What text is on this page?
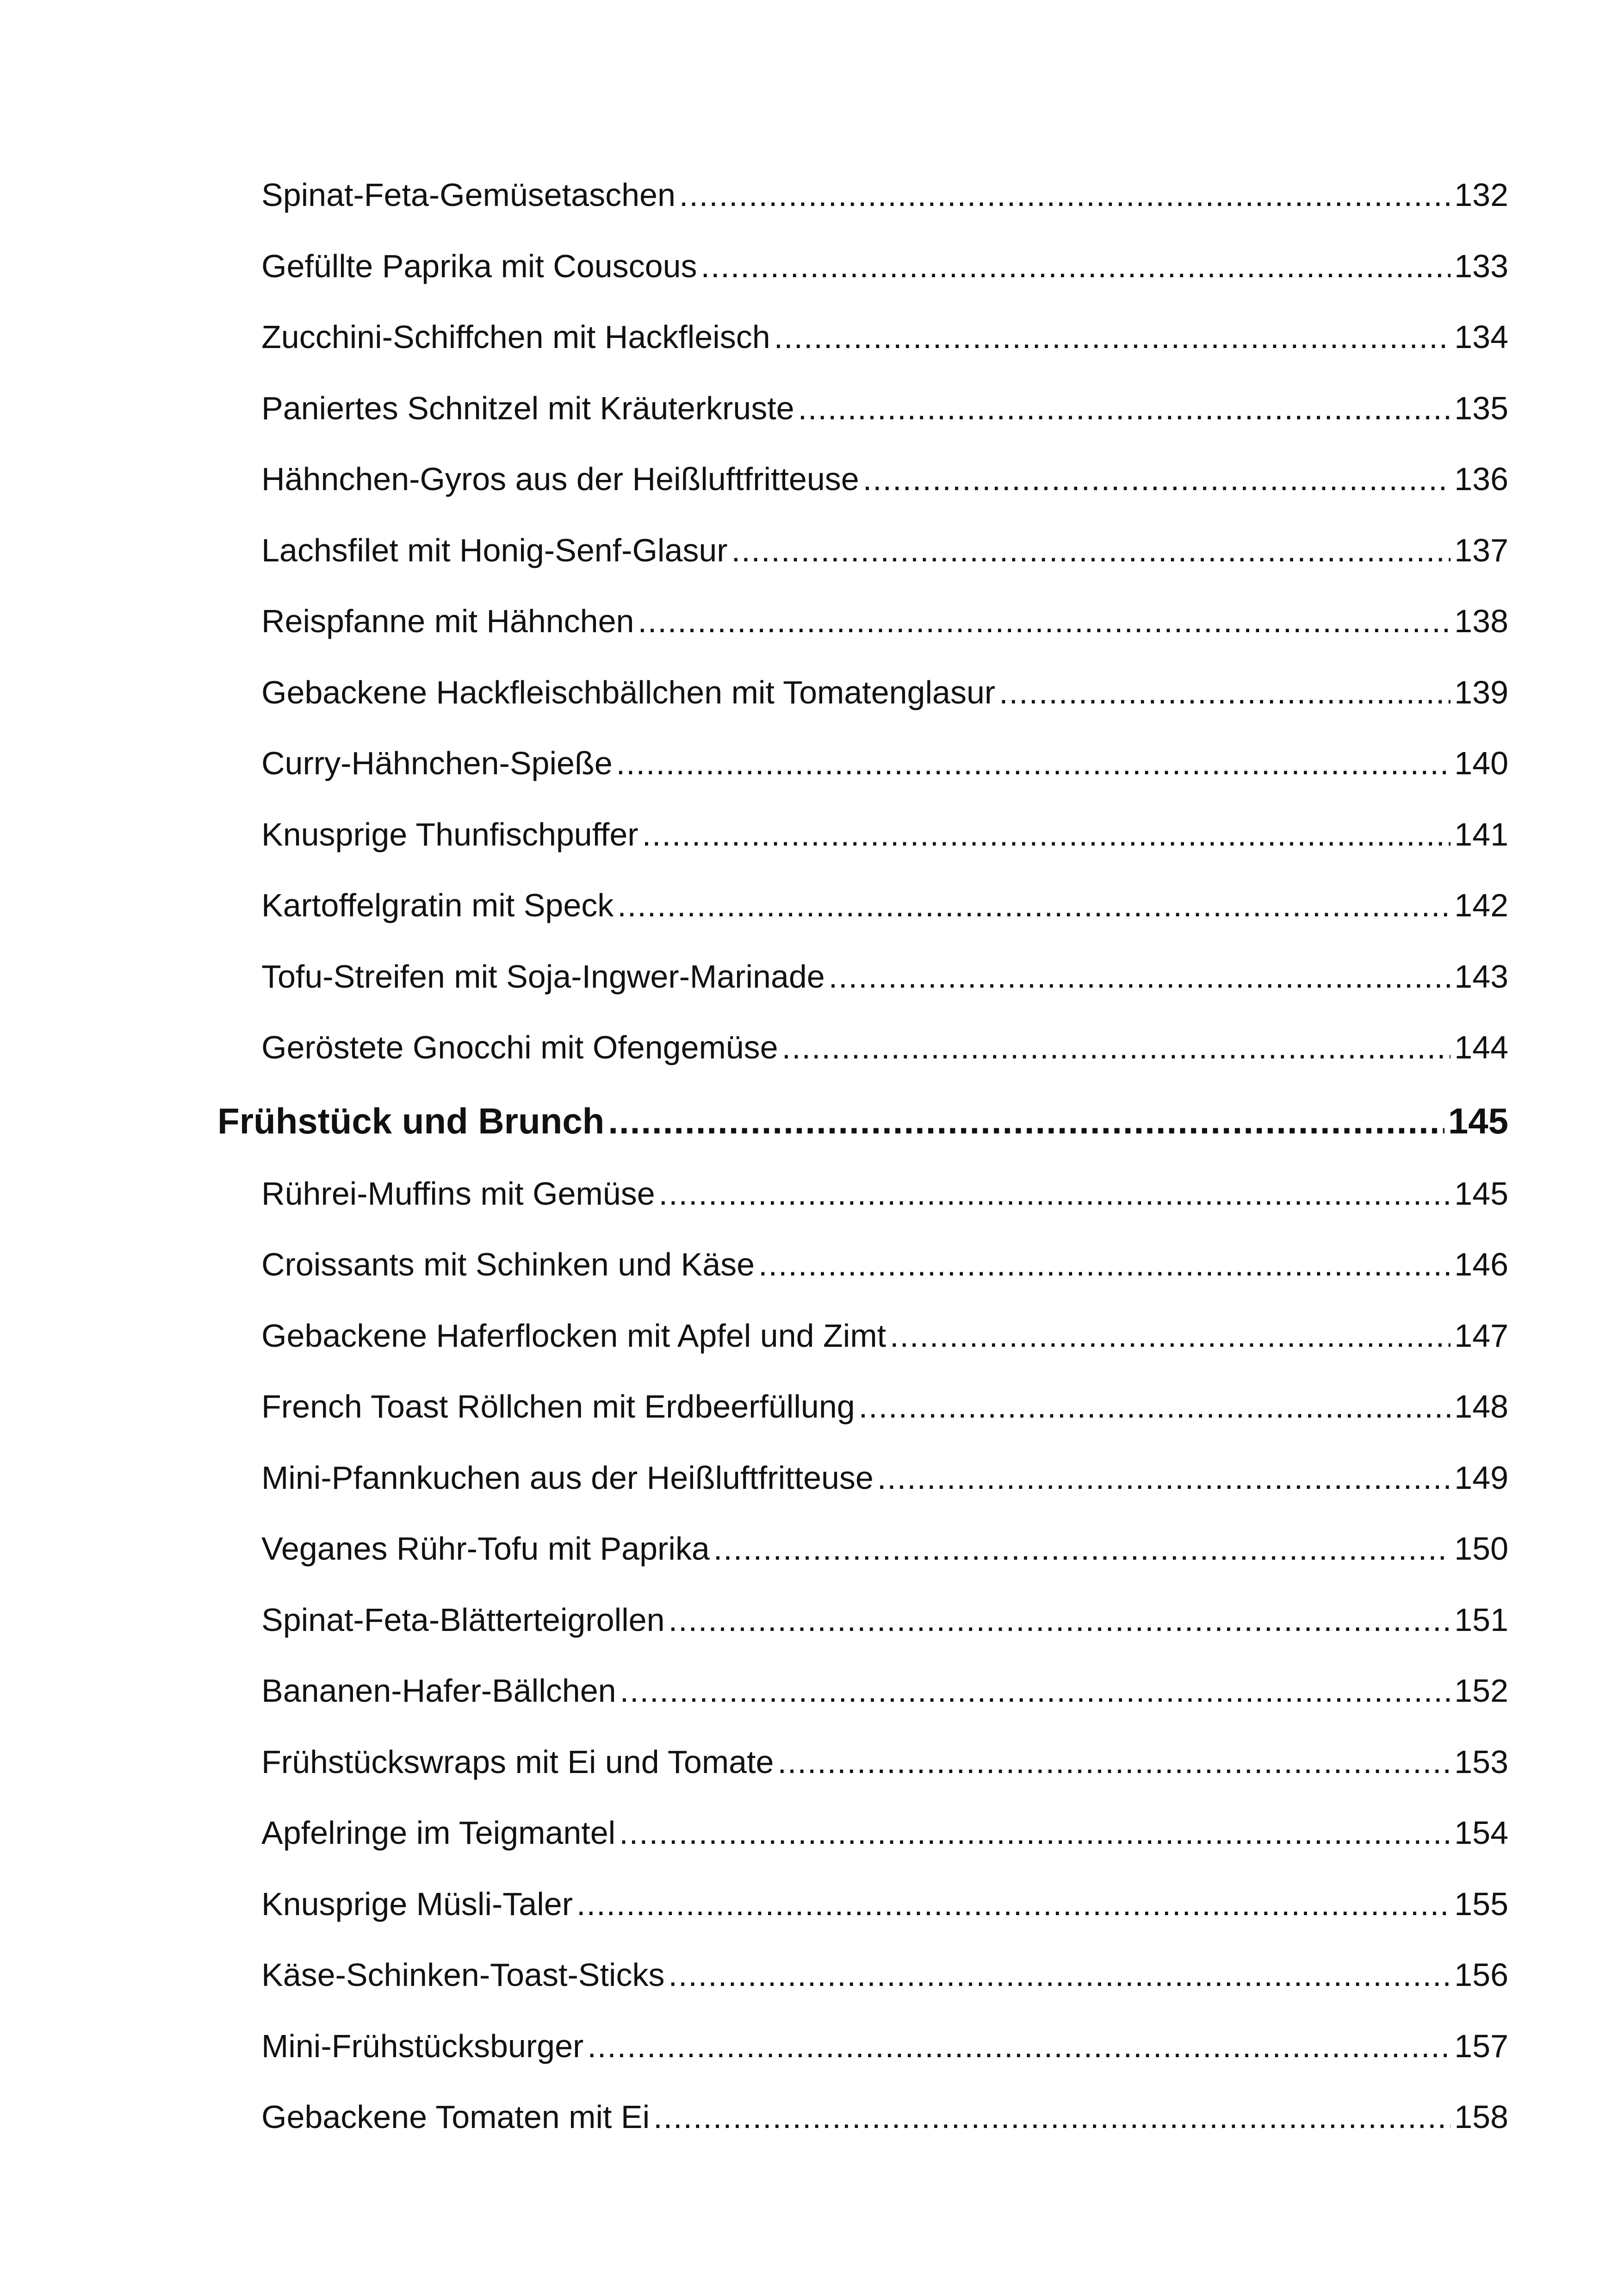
Spinat-Feta-Gemüsetaschen .....	132
Gefüllte Paprika mit Couscous .....	133
Zucchini-Schiffchen mit Hackfleisch .....	134
Paniertes Schnitzel mit Kräuterkruste .....	135
Hähnchen-Gyros aus der Heißluftfritteuse .....	136
Lachsfilet mit Honig-Senf-Glasur .....	137
Reispfanne mit Hähnchen .....	138
Gebackene Hackfleischbällchen mit Tomatenglasur .....	139
Curry-Hähnchen-Spieße .....	140
Knusprige Thunfischpuffer .....	141
Kartoffelgratin mit Speck .....	142
Tofu-Streifen mit Soja-Ingwer-Marinade .....	143
Geröstete Gnocchi mit Ofengemüse .....	144
Frühstück und Brunch .....	145
Rührei-Muffins mit Gemüse .....	145
Croissants mit Schinken und Käse .....	146
Gebackene Haferflocken mit Apfel und Zimt .....	147
French Toast Röllchen mit Erdbeerfüllung .....	148
Mini-Pfannkuchen aus der Heißluftfritteuse .....	149
Veganes Rühr-Tofu mit Paprika .....	150
Spinat-Feta-Blätterteigrollen .....	151
Bananen-Hafer-Bällchen .....	152
Frühstückswraps mit Ei und Tomate .....	153
Apfelringe im Teigmantel .....	154
Knusprige Müsli-Taler .....	155
Käse-Schinken-Toast-Sticks .....	156
Mini-Frühstücksburger .....	157
Gebackene Tomaten mit Ei .....	158
